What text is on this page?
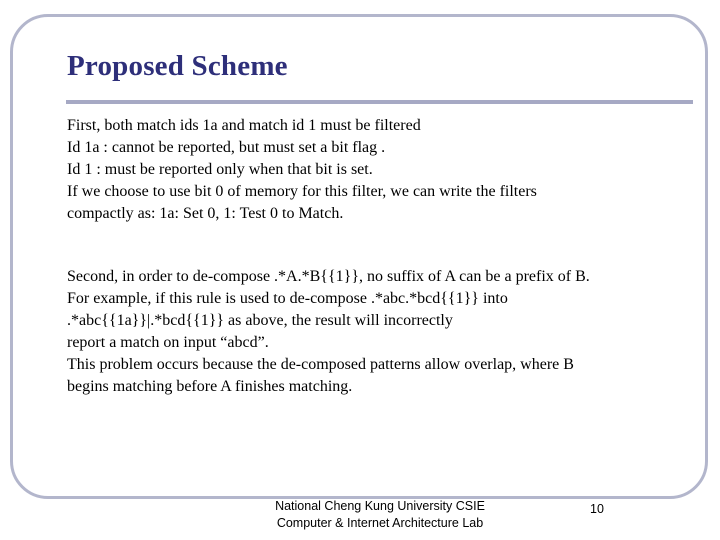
Proposed Scheme
First, both match ids 1a and match id 1 must be filtered
Id 1a : cannot be reported, but must set a bit flag .
Id 1 : must be reported only when that bit is set.
If we choose to use bit 0 of memory for this filter, we can write the filters
compactly as: 1a: Set 0, 1: Test 0 to Match.
Second, in order to de-compose .*A.*B{{1}}, no suffix of A can be a prefix of B.
For example, if this rule is used to de-compose .*abc.*bcd{{1}} into
.*abc{{1a}}|.*bcd{{1}} as above, the result will incorrectly
report a match on input “abcd”.
This problem occurs because the de-composed patterns allow overlap, where B
begins matching before A finishes matching.
National Cheng Kung University CSIE
Computer & Internet Architecture Lab
10
